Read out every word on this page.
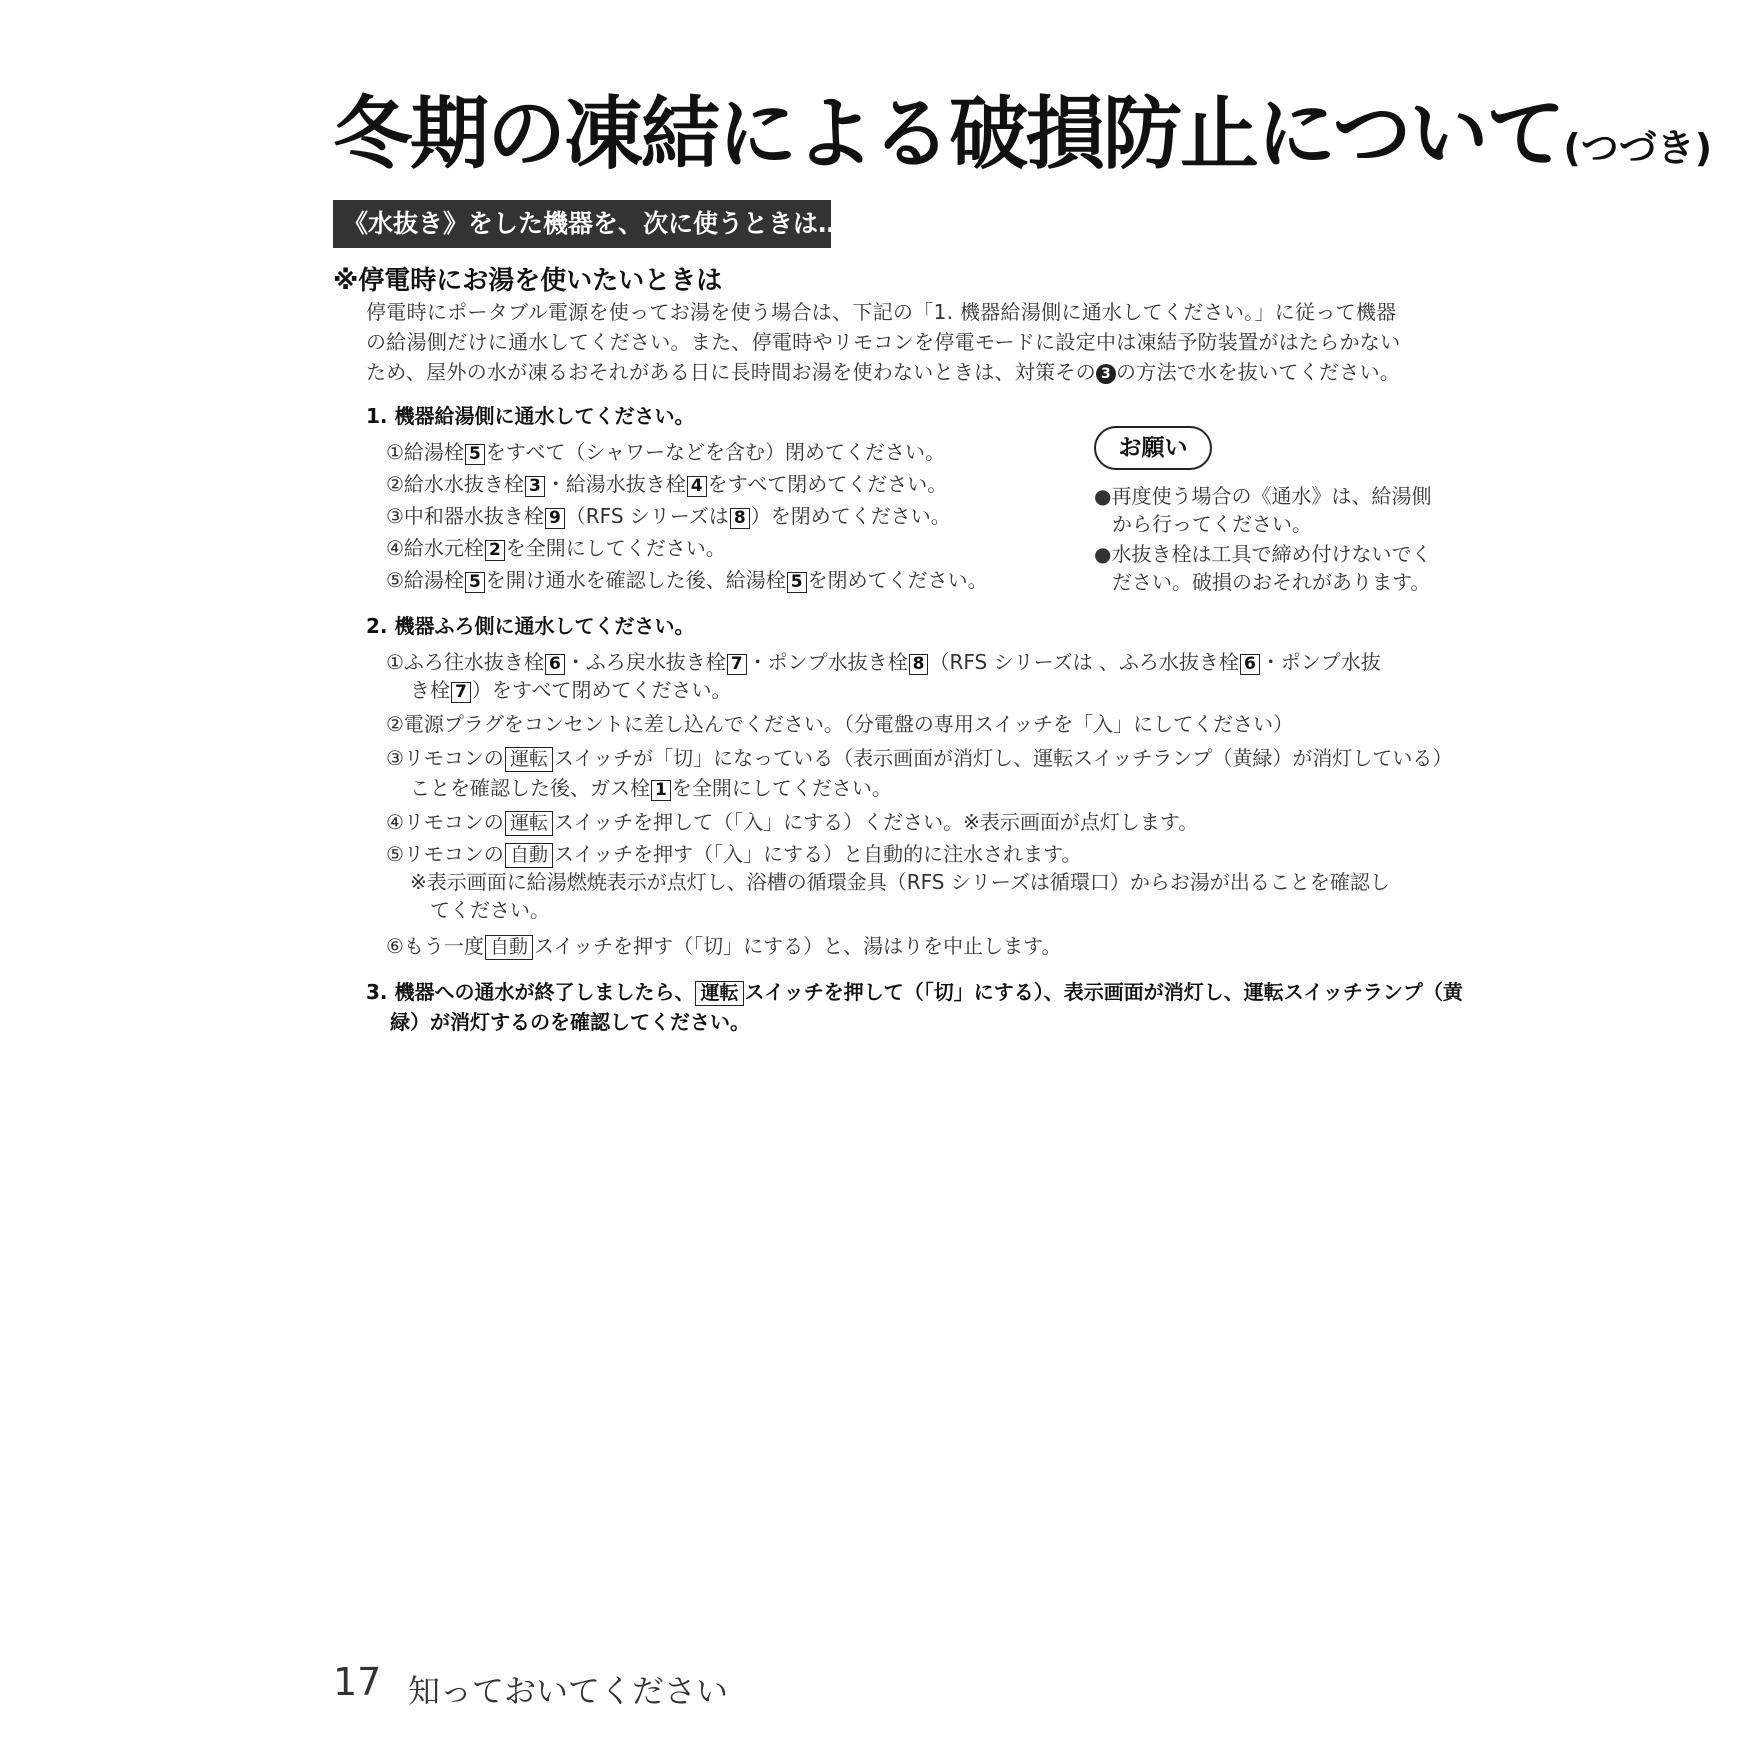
冬期の凍結による破損防止について(つづき)
《水抜き》をした機器を、次に使うときは…
※停電時にお湯を使いたいときは
停電時にポータブル電源を使ってお湯を使う場合は、下記の「1. 機器給湯側に通水してください。」に従って機器
の給湯側だけに通水してください。また、停電時やリモコンを停電モードに設定中は凍結予防装置がはたらかない
ため、屋外の水が凍るおそれがある日に長時間お湯を使わないときは、対策その 3 の方法で水を抜いてください。
1. 機器給湯側に通水してください。
①給湯栓 5 をすべて（シャワーなどを含む）閉めてください。
②給水水抜き栓 3 ・給湯水抜き栓 4 をすべて閉めてください。
③中和器水抜き栓 9 （RFS シリーズは 8 ）を閉めてください。
④給水元栓 2 を全開にしてください。
⑤給湯栓 5 を開け通水を確認した後、給湯栓 5 を閉めてください。
お願い
●再度使う場合の《通水》は、給湯側
から行ってください。
●水抜き栓は工具で締め付けないでく
ださい。破損のおそれがあります。
2. 機器ふろ側に通水してください。
①ふろ往水抜き栓 6 ・ふろ戻水抜き栓 7 ・ポンプ水抜き栓 8 （RFS シリーズは 、ふろ水抜き栓 6 ・ポンプ水抜
き栓 7 ）をすべて閉めてください。
②電源プラグをコンセントに差し込んでください。（分電盤の専用スイッチを「入」にしてください）
③リモコンの 運転 スイッチが「切」になっている（表示画面が消灯し、運転スイッチランプ（黄緑）が消灯している）
ことを確認した後、ガス栓 1 を全開にしてください。
④リモコンの 運転 スイッチを押して（「入」にする）ください。※表示画面が点灯します。
⑤リモコンの 自動 スイッチを押す（「入」にする）と自動的に注水されます。
※表示画面に給湯燃焼表示が点灯し、浴槽の循環金具（RFS シリーズは循環口）からお湯が出ることを確認し
てください。
⑥もう一度 自動 スイッチを押す（「切」にする）と、湯はりを中止します。
3. 機器への通水が終了しましたら、 運転 スイッチを押して（「切」にする）、表示画面が消灯し、運転スイッチランプ（黄
緑）が消灯するのを確認してください。
17 知っておいてください
